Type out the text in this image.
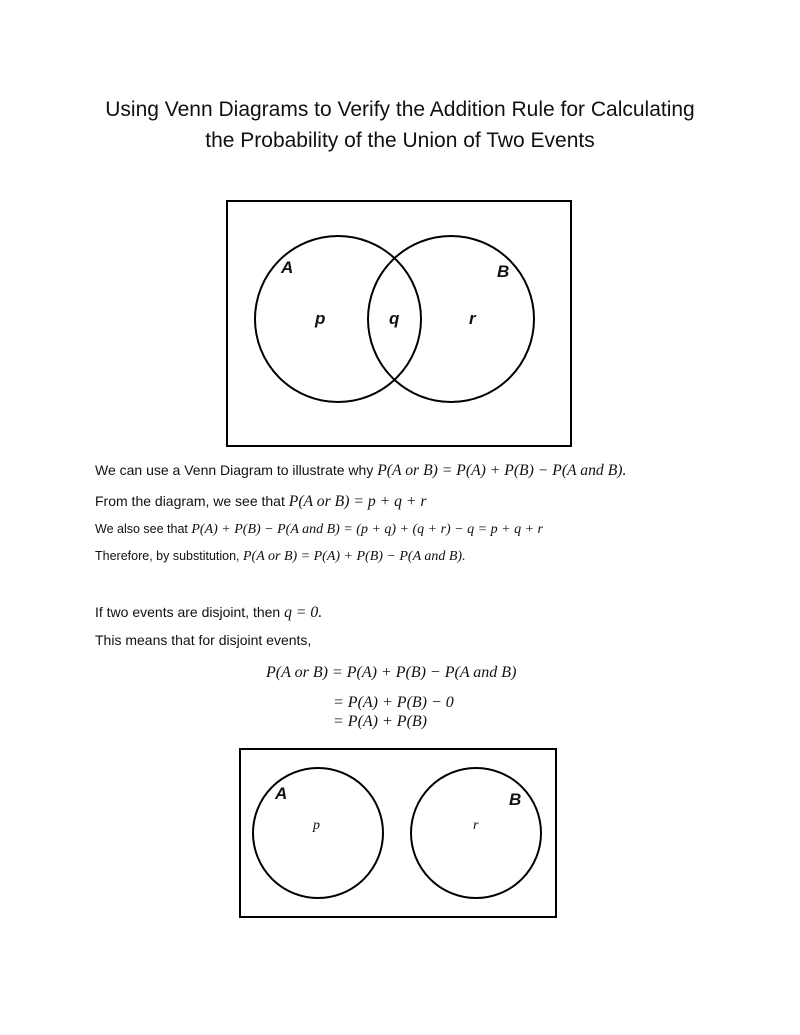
Using Venn Diagrams to Verify the Addition Rule for Calculating
the Probability of the Union of Two Events
A	B
p	q	r
We can use a Venn Diagram to illustrate why P(A or B) = P(A) + P(B) − P(A and B).
From the diagram, we see that P(A or B) = p + q + r
We also see that P(A) + P(B) − P(A and B) = (p + q) + (q + r) − q = p + q + r
Therefore, by substitution, P(A or B) = P(A) + P(B) − P(A and B).
If two events are disjoint, then q = 0.
This means that for disjoint events,
P(A or B) = P(A) + P(B) − P(A and B)
= P(A) + P(B) − 0
= P(A) + P(B)
A	B
p	r
